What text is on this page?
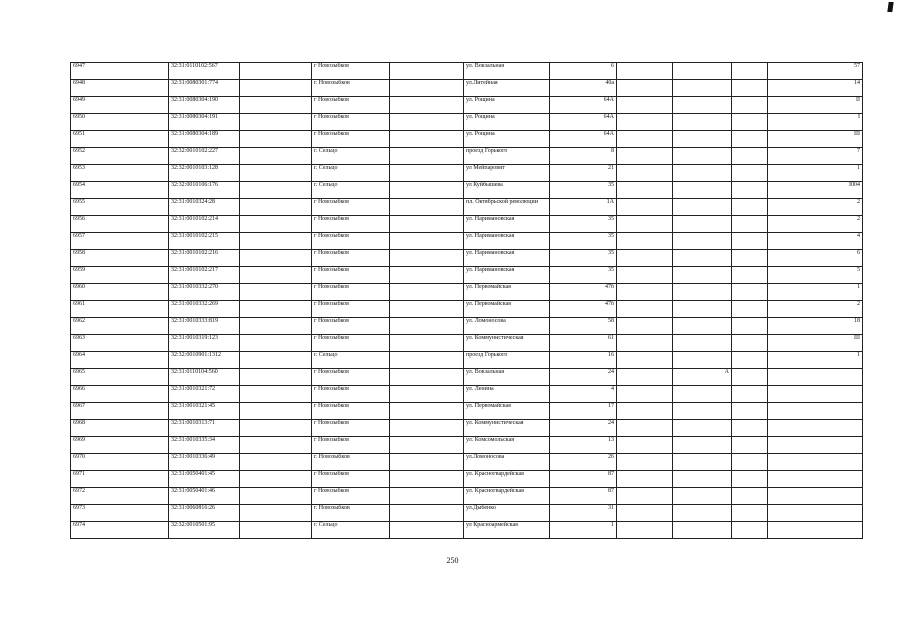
6947	32:31:0110102:567		г Новозыбков		ул. Вокзальная	6				57
6948	32:31:0080301:774		г. Новозыбков		ул.Литейная	40а				14
6949	32:31:0080304:190		г Новозыбков		ул. Рощина	64А				II
6950	32:31:0080304:191		г Новозыбков		ул. Рощина	64А				I
6951	32:31:0080304:189		г Новозыбков		ул. Рощина	64А				III
6952	32:32:0010102:227		г. Сельцо		проезд Горького	8				7
6953	32:32:0010103:128		г. Сельцо		ул Мейпаровит	21				1
6954	32:32:0010106:176		г. Сельцо		ул Куйбышева	35				I004
6955	32:31:0010324:28		г Новозыбков		пл. Октябрьской революции	1А				2
6956	32:31:0010102:214		г Новозыбков		ул. Наримановская	35				2
6957	32:31:0010102:215		г Новозыбков		ул. Наримановская	35				4
6958	32:31:0010102:216		г Новозыбков		ул. Наримановская	35				6
6959	32:31:0010102:217		г Новозыбков		ул. Наримановская	35				5
6960	32:31:0010332:270		г Новозыбков		ул. Первомайская	47б				1
6961	32:31:0010332:269		г Новозыбков		ул. Первомайская	47б				2
6962	32:31:0010333:819		г Новозыбков		ул. Ломоносова	58				18
6963	32:31:0010319:123		г Новозыбков		ул. Коммунистическая	61				III
6964	32:32:0010901:1312		г. Сельцо		проезд Горького	16				1
6965	32:31:0110104:560		г Новозыбков		ул. Вокзальная	24		А		
6966	32:31:0010321:72		г Новозыбков		ул. Ленина	4				
6967	32:31:0010321:45		г Новозыбков		ул. Первомайская	17				
6968	32:31:0010313:71		г Новозыбков		ул. Коммунистическая	24				
6969	32:31:0010335:34		г Новозыбков		ул. Комсомольская	13				
6970	32:31:0010336:49		г. Новозыбков		ул.Ломоносова	26				
6971	32:31:0050401:45		г Новозыбков		ул. Красногвардейская	87				
6972	32:31:0050401:46		г Новозыбков		ул. Красногвардейская	87				
6973	32:31:0060816:26		г. Новозыбков		ул.Дыбенко	31				
6974	32:32:0010501:95		г. Сельцо		ул Красноармейская	1				
250
